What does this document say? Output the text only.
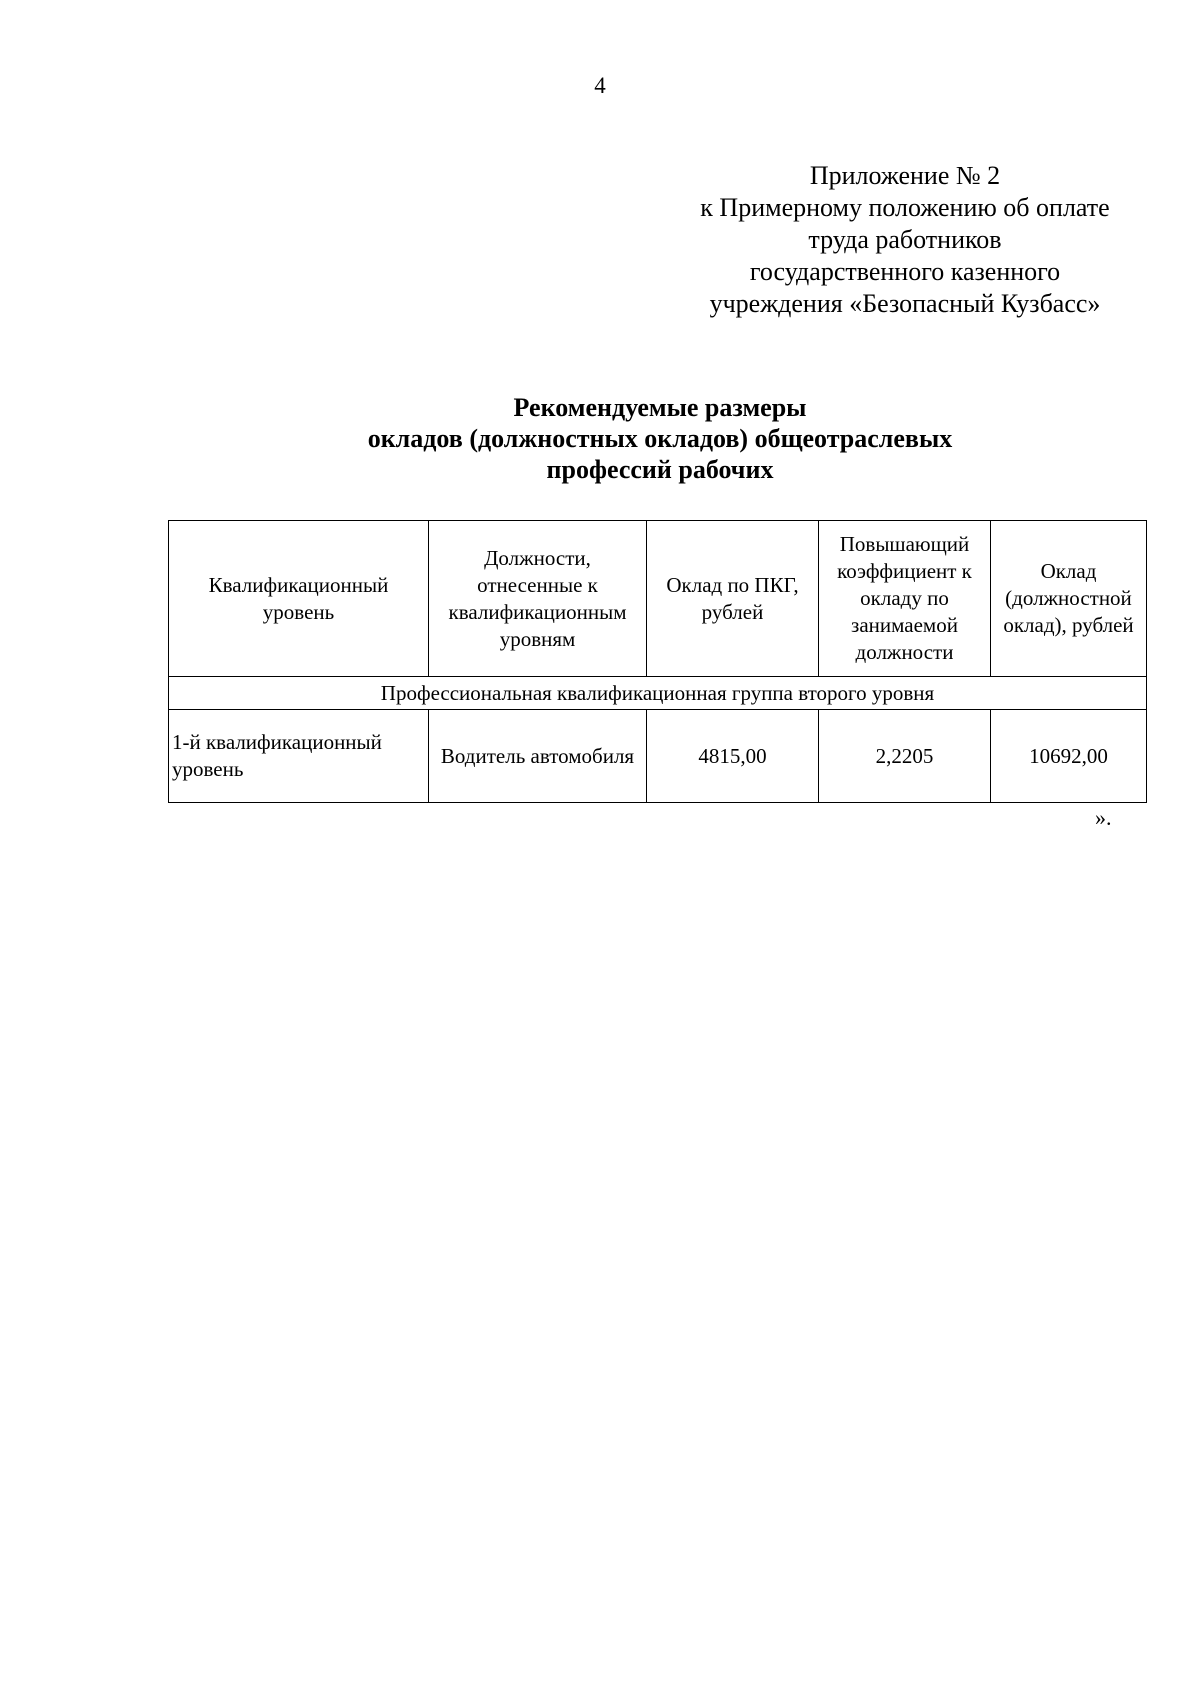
4
Приложение № 2
к Примерному положению об оплате
труда работников
государственного казенного
учреждения «Безопасный Кузбасс»
Рекомендуемые размеры
окладов (должностных окладов) общеотраслевых
профессий рабочих
Квалификационный уровень	Должности, отнесенные к квалификационным уровням	Оклад по ПКГ, рублей	Повышающий коэффициент к окладу по занимаемой должности	Оклад (должностной оклад), рублей
Профессиональная квалификационная группа второго уровня				
1-й квалификационный уровень	Водитель автомобиля	4815,00	2,2205	10692,00
».
